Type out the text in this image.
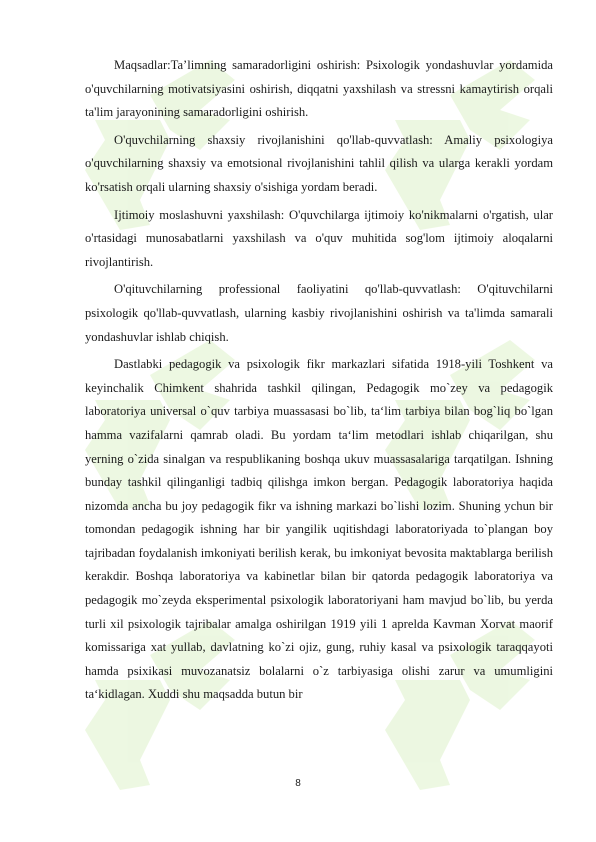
Maqsadlar:Ta’limning samaradorligini oshirish: Psixologik yondashuvlar yordamida o'quvchilarning motivatsiyasini oshirish, diqqatni yaxshilash va stressni kamaytirish orqali ta'lim jarayonining samaradorligini oshirish.

O'quvchilarning shaxsiy rivojlanishini qo'llab-quvvatlash: Amaliy psixologiya o'quvchilarning shaxsiy va emotsional rivojlanishini tahlil qilish va ularga kerakli yordam ko'rsatish orqali ularning shaxsiy o'sishiga yordam beradi.

Ijtimoiy moslashuvni yaxshilash: O'quvchilarga ijtimoiy ko'nikmalarni o'rgatish, ular o'rtasidagi munosabatlarni yaxshilash va o'quv muhitida sog'lom ijtimoiy aloqalarni rivojlantirish.

O'qituvchilarning professional faoliyatini qo'llab-quvvatlash: O'qituvchilarni psixologik qo'llab-quvvatlash, ularning kasbiy rivojlanishini oshirish va ta'limda samarali yondashuvlar ishlab chiqish.

Dastlabki pedagogik va psixologik fikr markazlari sifatida 1918-yili Toshkent va keyinchalik Chimkent shahrida tashkil qilingan, Pedagogik mo`zey va pedagogik laboratoriya universal o`quv tarbiya muassasasi bo`lib, ta‘lim tarbiya bilan bog`liq bo`lgan hamma vazifalarni qamrab oladi. Bu yordam ta‘lim metodlari ishlab chiqarilgan, shu yerning o`zida sinalgan va respublikaning boshqa ukuv muassasalariga tarqatilgan. Ishning bunday tashkil qilinganligi tadbiq qilishga imkon bergan. Pedagogik laboratoriya haqida nizomda ancha bu joy pedagogik fikr va ishning markazi bo`lishi lozim. Shuning ychun bir tomondan pedagogik ishning har bir yangilik uqitishdagi laboratoriyada to`plangan boy tajribadan foydalanish imkoniyati berilish kerak, bu imkoniyat bevosita maktablarga berilish kerakdir. Boshqa laboratoriya va kabinetlar bilan bir qatorda pedagogik laboratoriya va pedagogik mo`zeyda eksperimental psixologik laboratoriyani ham mavjud bo`lib, bu yerda turli xil psixologik tajribalar amalga oshirilgan 1919 yili 1 aprelda Kavman Xorvat maorif komissariga xat yullab, davlatning ko`zi ojiz, gung, ruhiy kasal va psixologik taraqqayoti hamda psixikasi muvozanatsiz bolalarni o`z tarbiyasiga olishi zarur va umumligini ta‘kidlagan. Xuddi shu maqsadda butun bir

8
